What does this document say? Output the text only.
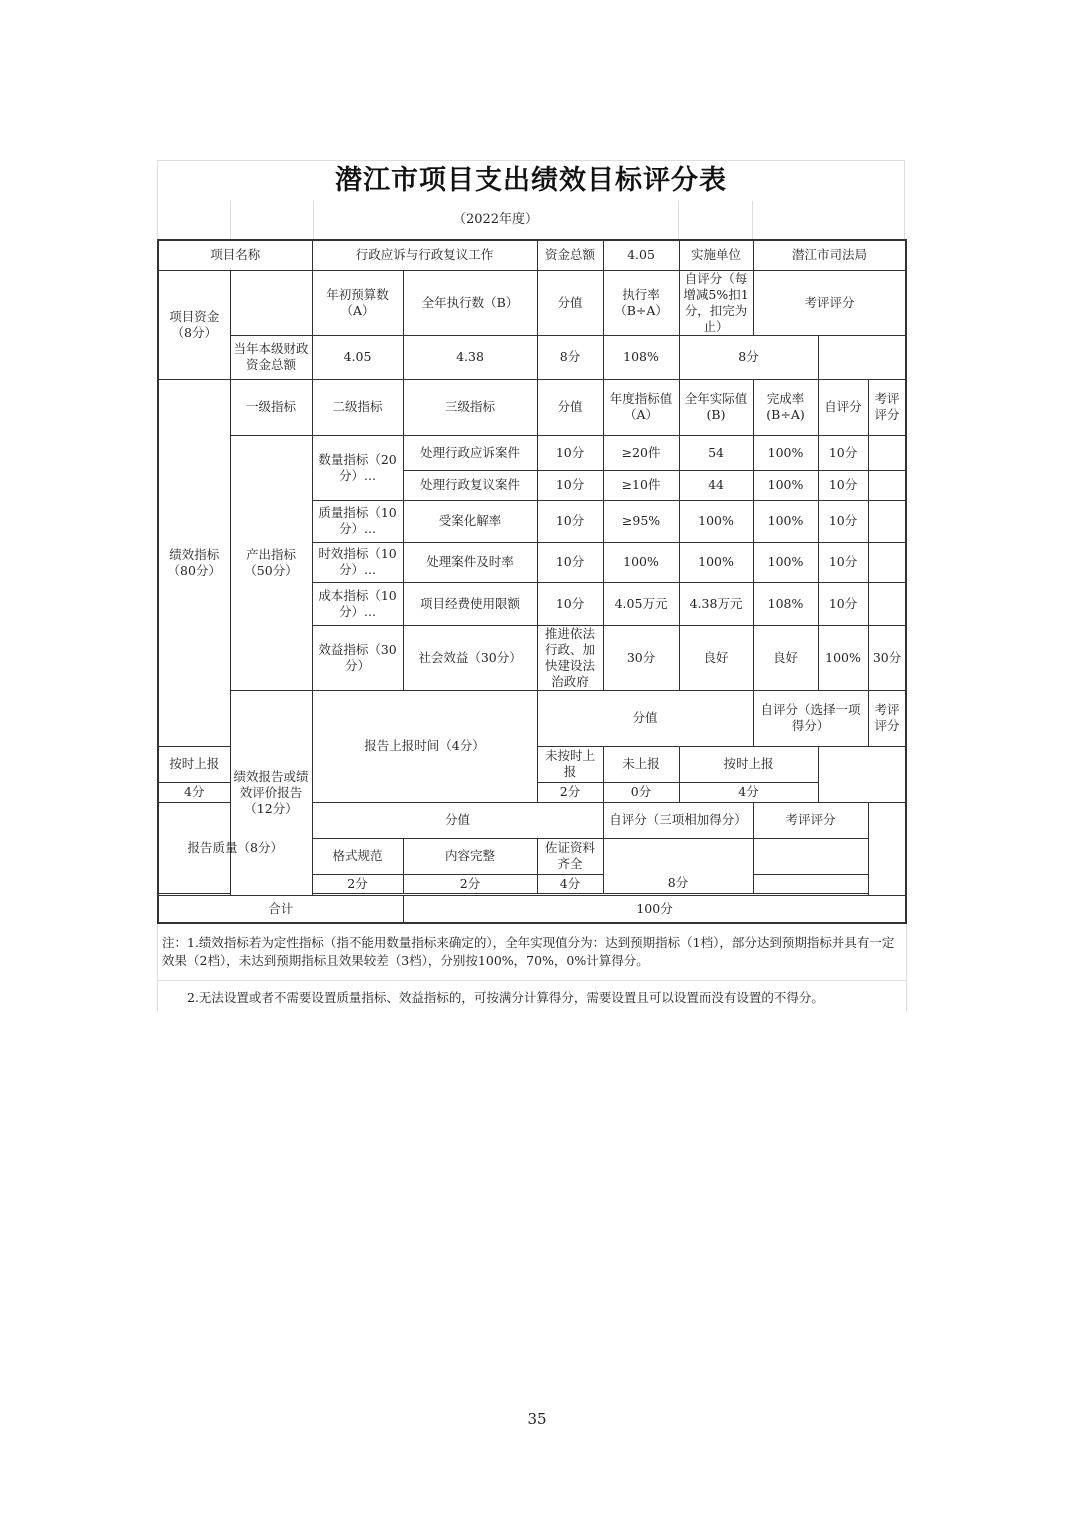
潜江市项目支出绩效目标评分表
（2022年度）
项目名称		行政应诉与行政复议工作		资金总额	4.05	实施单位	潜江市司法局			
项目资金（8分）		年初预算数（A）	全年执行数（B）	分值	执行率（B÷A）	自评分（每增减5%扣1分，扣完为止）	考评评分			
	当年本级财政资金总额	4.05	4.38	8分	108%	8分				
绩效指标（80分）	一级指标	二级指标	三级指标	分值	年度指标值（A）	全年实际值(B)	完成率(B÷A)	自评分	考评评分	
	产出指标（50分）	数量指标（20分）...	处理行政应诉案件	10分	≥20件	54	100%	10分		
			处理行政复议案件	10分	≥10件	44	100%	10分		
		质量指标（10分）...	受案化解率	10分	≥95%	100%	100%	10分		
		时效指标（10分）...	处理案件及时率	10分	100%	100%	100%	10分		
		成本指标（10分）...	项目经费使用限额	10分	4.05万元	4.38万元	108%	10分		
		效益指标（30分）	社会效益（30分）	推进依法行政、加快建设法治政府	30分	良好	良好	100%	30分	
	绩效报告或绩效评价报告（12分）	报告上报时间（4分）		分值			自评分（选择一项得分）		考评评分	
按时上报				未按时上报	未上报	按时上报				
4分				2分	0分	4分				
报告质量（8分）		分值			自评分（三项相加得分）		考评评分			
		格式规范	内容完整	佐证资料齐全						
		2分	2分	4分	8分					

合计			100分							
注：1.绩效指标若为定性指标（指不能用数量指标来确定的），全年实现值分为：达到预期指标（1档），部分达到预期指标并具有一定效果（2档），未达到预期指标且效果较差（3档），分别按100%，70%，0%计算得分。
2.无法设置或者不需要设置质量指标、效益指标的，可按满分计算得分，需要设置且可以设置而没有设置的不得分。
35
